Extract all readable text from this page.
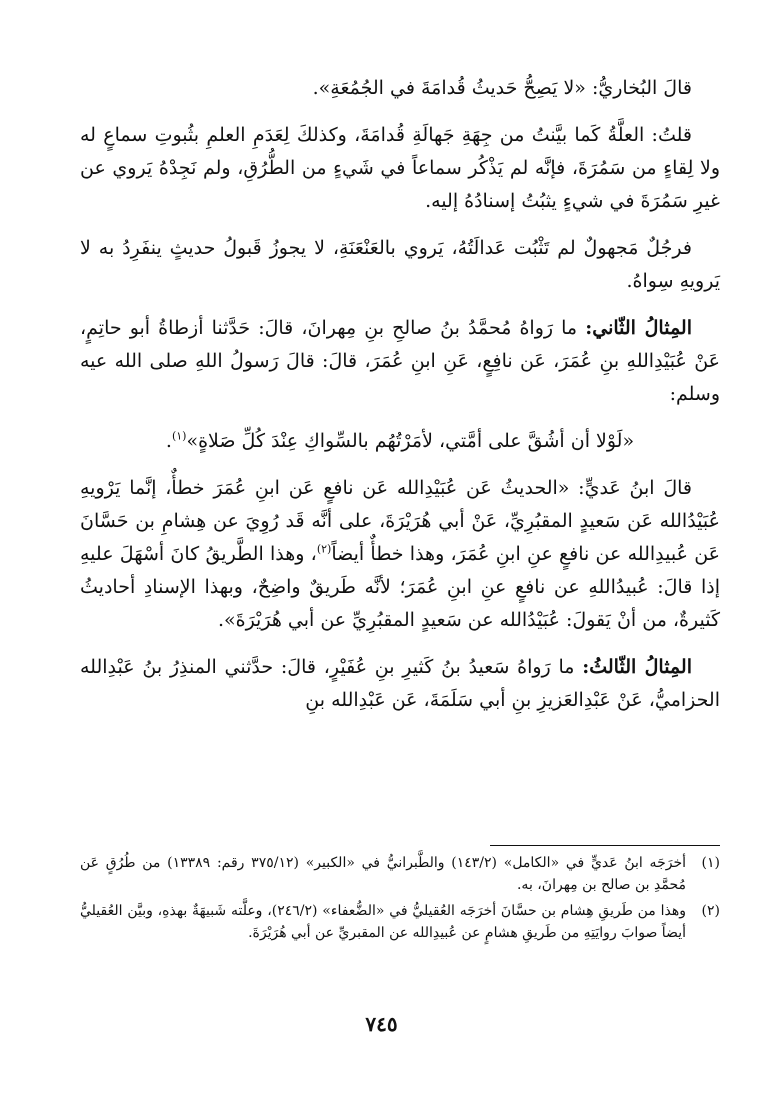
قالَ البُخاريُّ: «لا يَصِحُّ حَديثُ قُدامَةَ في الجُمُعَةِ».

قلتُ: العلَّةُ كَما بيَّنتُ من جِهَةِ جَهالَةِ قُدامَةَ، وكذلكَ لِعَدَمِ العلمِ بثُبوتِ سماعٍ له ولا لِقاءٍ من سَمُرَةَ، فإنَّه لم يَذْكُر سماعاً في شَيءٍ من الطُّرُقِ، ولم نَجِدْهُ يَروي عن غيرِ سَمُرَةَ في شيءٍ يثبُتُ إسنادُهُ إليه.

فرجُلٌ مَجهولٌ لم تَثْبُت عَدالَتُهُ، يَروي بالعَنْعَنَةِ، لا يجوزُ قَبولُ حديثٍ ينفَرِدُ به لا يَرويهِ سِواهُ.

المِثالُ الثّاني: ما رَواهُ مُحمَّدُ بنُ صالحِ بنِ مِهرانَ، قالَ: حَدَّثنا أزطاةُ أبو حاتِمٍ، عَنْ عُبَيْدِاللهِ بنِ عُمَرَ، عَن نافِعٍ، عَنِ ابنِ عُمَرَ، قالَ: قالَ رَسولُ اللهِ صلى الله عيه وسلم:

«لَوْلا أن أشُقَّ على أمَّتي، لأمَرْتُهُم بالسِّواكِ عِنْدَ كُلِّ صَلاةٍ»$^{(١)}$.

قالَ ابنُ عَديٍّ: «الحديثُ عَن عُبَيْدِالله عَن نافعٍ عَن ابنِ عُمَرَ خطأٌ، إنَّما يَرْويهِ عُبَيْدُالله عَن سَعيدٍ المقبُرِيِّ، عَنْ أبي هُرَيْرَةَ، على أنَّه قَد رُوِيَ عن هِشامِ بن حَسَّانَ عَن عُبيدِالله عن نافعٍ عنِ ابنِ عُمَرَ، وهذا خطأٌ أيضاً$^{(٢)}$، وهذا الطَّريقُ كانَ أسْهَلَ عليهِ إذا قالَ: عُبيدُاللهِ عن نافعٍ عنِ ابنِ عُمَرَ؛ لأنَّه طَريقٌ واضِحٌ، وبهذا الإسنادِ أحاديثُ كَثيرةٌ، من أنْ يَقولَ: عُبَيْدُالله عن سَعيدٍ المقبُرِيِّ عن أبي هُرَيْرَةَ».

المِثالُ الثّالثُ: ما رَواهُ سَعيدُ بنُ كَثيرِ بنِ عُفَيْرٍ، قالَ: حدَّثني المنذِرُ بنُ عَبْدِالله الحزاميُّ، عَنْ عَبْدِالعَزيزِ بنِ أبي سَلَمَةَ، عَن عَبْدِالله بنِ

(١)
أخرَجَه ابنُ عَديٍّ في «الكامل» (١٤٣/٢) والطَّبرانيُّ في «الكبير» (٣٧٥/١٢ رقم: ١٣٣٨٩) من طُرُقٍ عَن مُحمَّدِ بن صالح بن مِهرانَ، به.
(٢)
وهذا من طَريقِ هِشام بن حسَّانَ أخرَجَه العُقيليُّ في «الضُّعفاء» (٢٤٦/٢)، وعلَّته شَبيهَةٌ بهذهِ، وبيَّن العُقيليُّ أيضاً صوابَ روايَتِهِ من طَريقِ هشامٍ عن عُبيدِالله عن المقبريِّ عن أبي هُرَيْرَةَ.
٧٤٥
